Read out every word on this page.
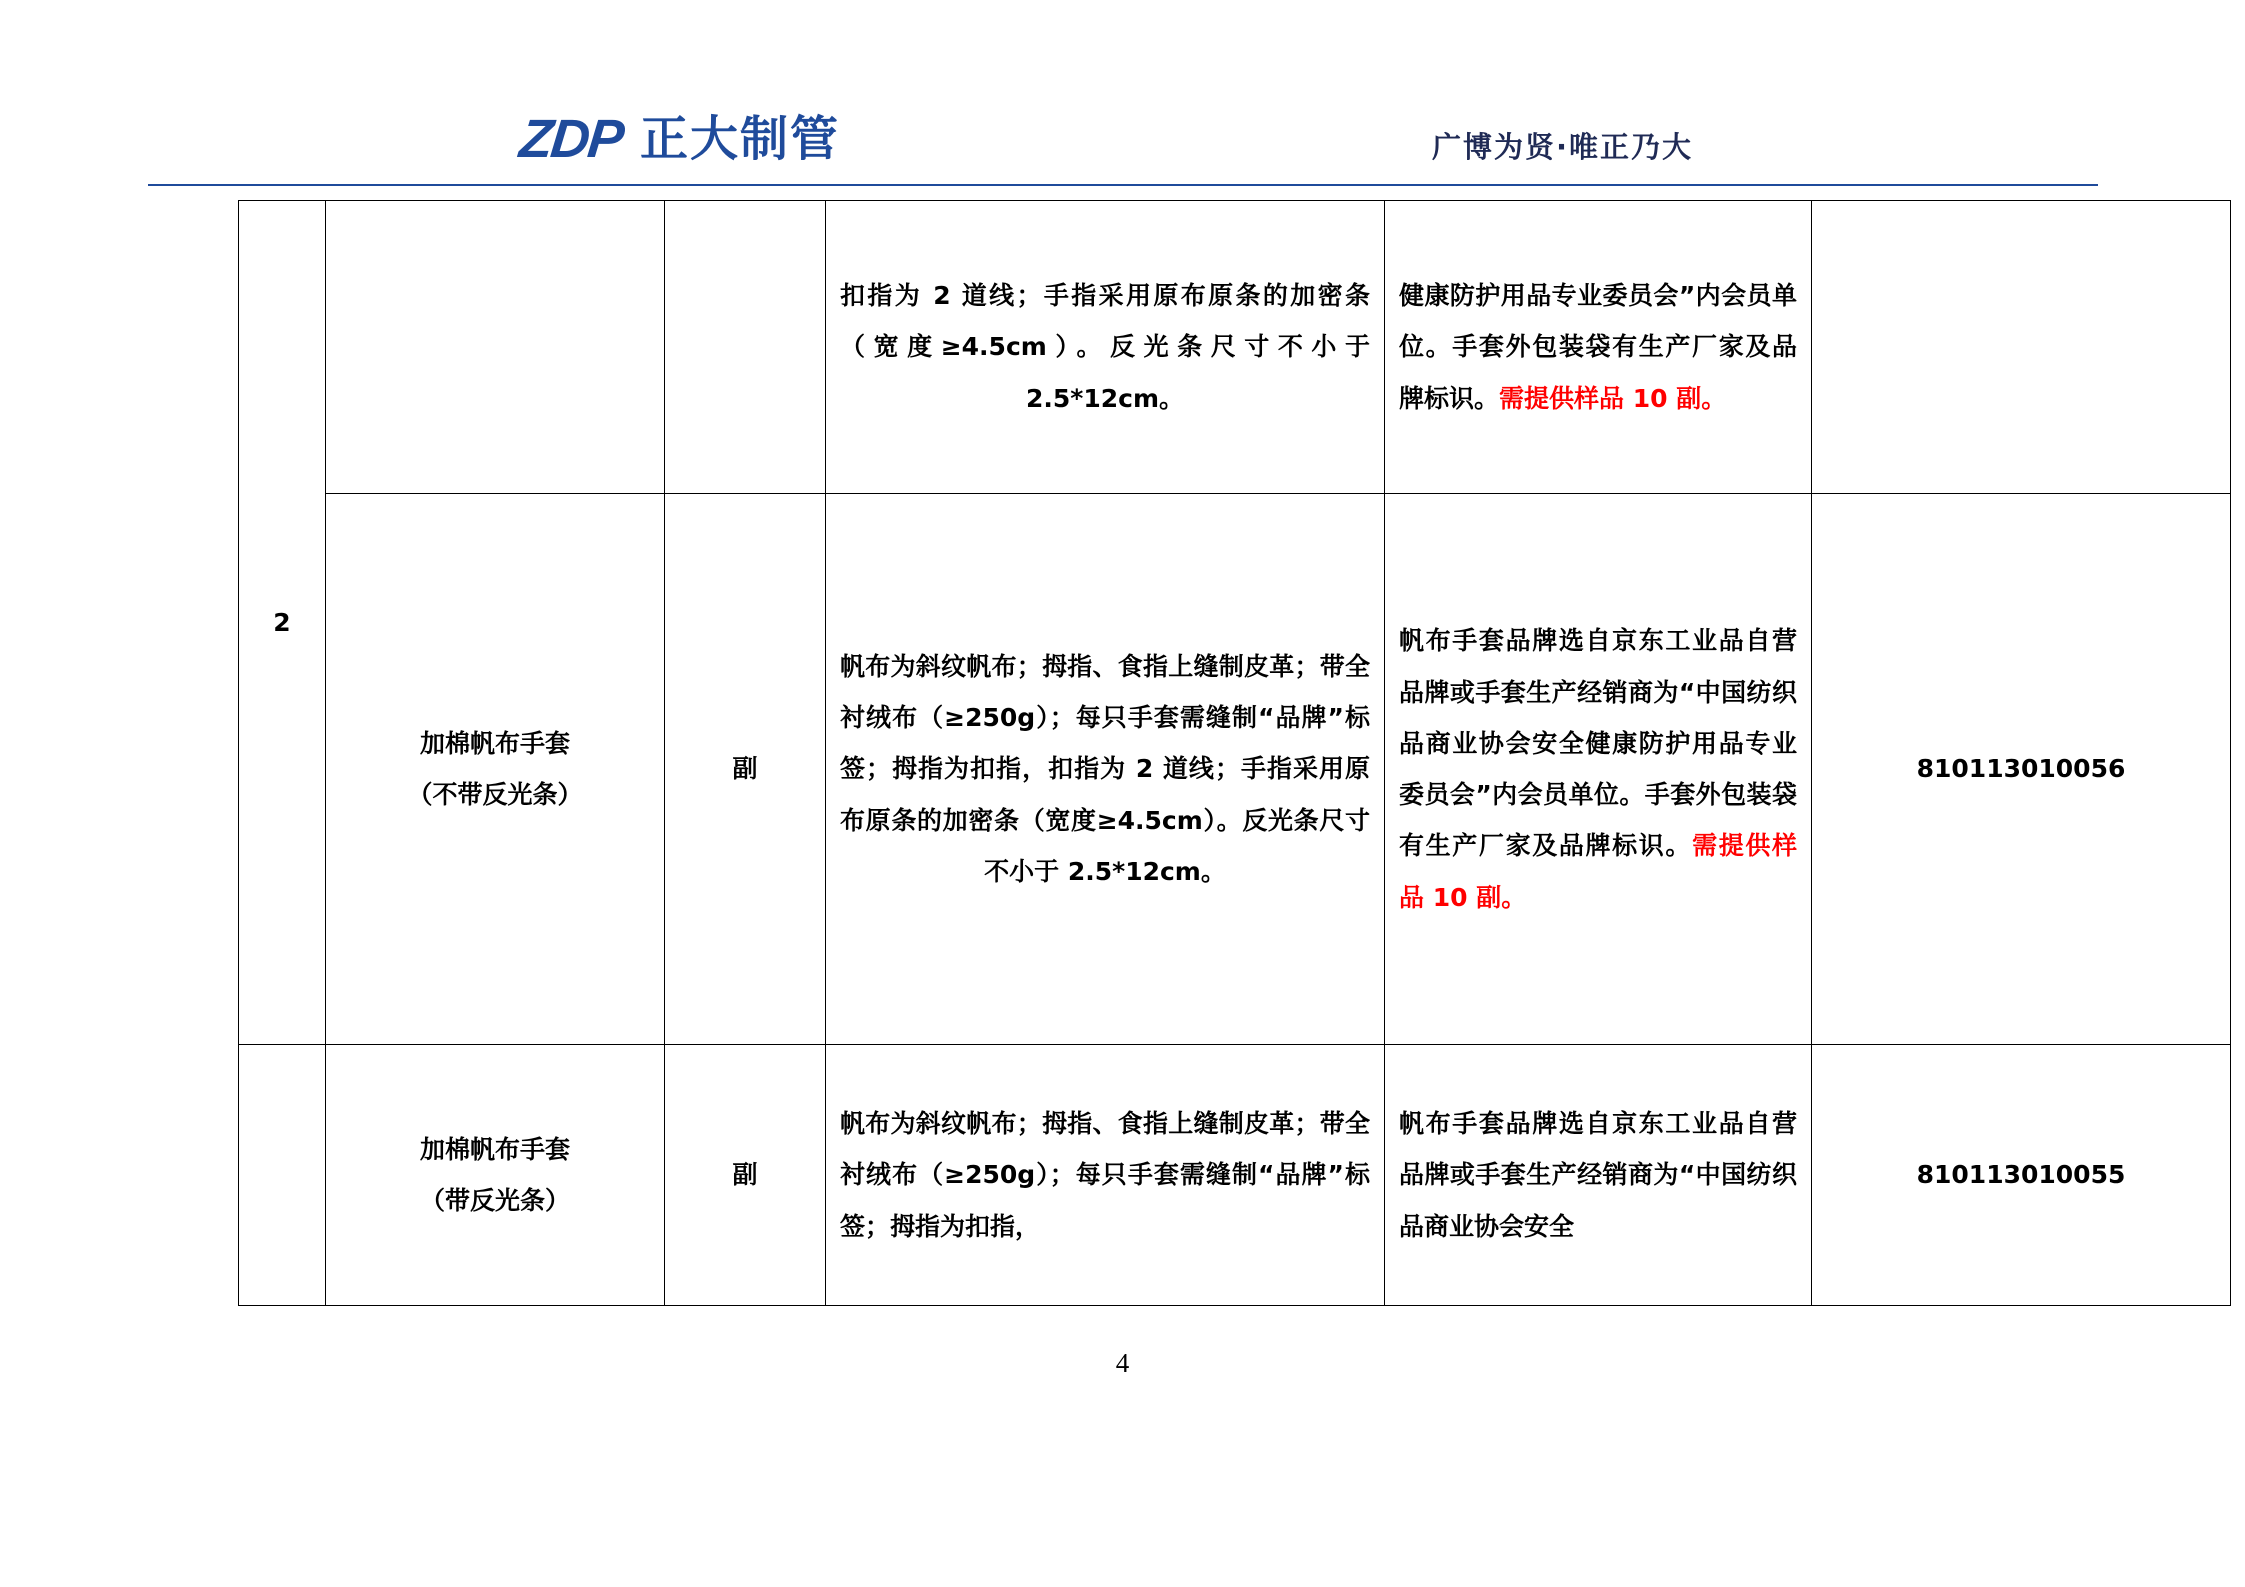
Z
D
P 正大制管	广博为贤·唯正乃大
2			扣指为 2 道线；手指采用原布原条的加密条（宽度≥4.5cm）。反光条尺寸不小于 2.5*12cm。	健康防护用品专业委员会”内会员单位。手套外包装袋有生产厂家及品牌标识。需提供样品 10 副。	

	加棉帆布手套
（不带反光条）	副	帆布为斜纹帆布；拇指、食指上缝制皮革；带全衬绒布（≥250g）；每只手套需缝制“品牌”标签；拇指为扣指，扣指为 2 道线；手指采用原布原条的加密条（宽度≥4.5cm）。反光条尺寸不小于 2.5*12cm。	帆布手套品牌选自京东工业品自营品牌或手套生产经销商为“中国纺织品商业协会安全健康防护用品专业委员会”内会员单位。手套外包装袋有生产厂家及品牌标识。需提供样品 10 副。	810113010056

	加棉帆布手套
（带反光条）	副	帆布为斜纹帆布；拇指、食指上缝制皮革；带全衬绒布（≥250g）；每只手套需缝制“品牌”标签；拇指为扣指，	帆布手套品牌选自京东工业品自营品牌或手套生产经销商为“中国纺织品商业协会安全	810113010055
4
